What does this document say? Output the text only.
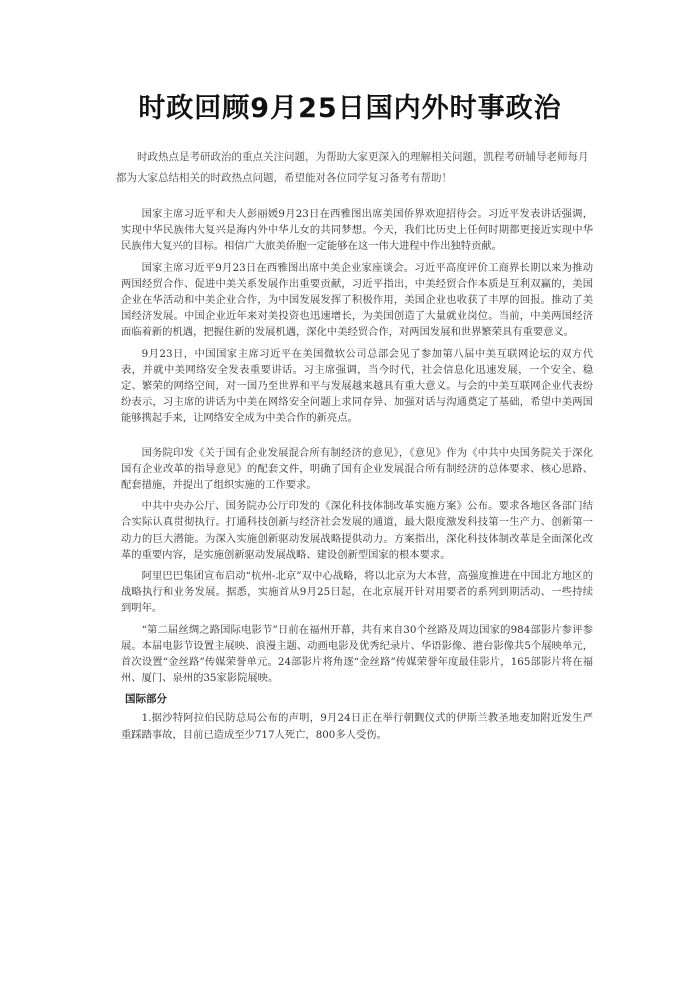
时政回顾9月25日国内外时事政治
时政热点是考研政治的重点关注问题，为帮助大家更深入的理解相关问题，凯程考研辅导老师每月都为大家总结相关的时政热点问题，希望能对各位同学复习备考有帮助！

国家主席习近平和夫人彭丽媛9月23日在西雅图出席美国侨界欢迎招待会。习近平发表讲话强调，实现中华民族伟大复兴是海内外中华儿女的共同梦想。今天，我们比历史上任何时期都更接近实现中华民族伟大复兴的目标。相信广大旅美侨胞一定能够在这一伟大进程中作出独特贡献。

国家主席习近平9月23日在西雅图出席中美企业家座谈会。习近平高度评价工商界长期以来为推动两国经贸合作、促进中美关系发展作出重要贡献，习近平指出，中美经贸合作本质是互利双赢的，美国企业在华活动和中美企业合作，为中国发展发挥了积极作用，美国企业也收获了丰厚的回报。推动了美国经济发展。中国企业近年来对美投资也迅速增长，为美国创造了大量就业岗位。当前，中美两国经济面临着新的机遇，把握住新的发展机遇，深化中美经贸合作，对两国发展和世界繁荣具有重要意义。

9月23日，中国国家主席习近平在美国微软公司总部会见了参加第八届中美互联网论坛的双方代表，并就中美网络安全发表重要讲话。习主席强调，当今时代，社会信息化迅速发展，一个安全、稳定、繁荣的网络空间，对一国乃至世界和平与发展越来越具有重大意义。与会的中美互联网企业代表纷纷表示，习主席的讲话为中美在网络安全问题上求同存异、加强对话与沟通奠定了基础，希望中美两国能够携起手来，让网络安全成为中美合作的新亮点。

国务院印发《关于国有企业发展混合所有制经济的意见》，《意见》作为《中共中央国务院关于深化国有企业改革的指导意见》的配套文件，明确了国有企业发展混合所有制经济的总体要求、核心思路、配套措施，并提出了组织实施的工作要求。

中共中央办公厅、国务院办公厅印发的《深化科技体制改革实施方案》公布。要求各地区各部门结合实际认真贯彻执行。打通科技创新与经济社会发展的通道，最大限度激发科技第一生产力、创新第一动力的巨大潜能。为深入实施创新驱动发展战略提供动力。方案指出，深化科技体制改革是全面深化改革的重要内容，是实施创新驱动发展战略、建设创新型国家的根本要求。

阿里巴巴集团宣布启动“杭州-北京”双中心战略，将以北京为大本营，高强度推进在中国北方地区的战略执行和业务发展。据悉，实施首从9月25日起，在北京展开针对用要者的系列到期活动、一些持续到明年。

“第二届丝绸之路国际电影节”日前在福州开幕，共有来自30个丝路及周边国家的984部影片参评参展。本届电影节设置主展映、浪漫主题、动画电影及优秀纪录片、华语影像、港台影像共5个展映单元，首次设置“金丝路”传媒荣誉单元。24部影片将角逐“金丝路”传媒荣誉年度最佳影片，165部影片将在福州、厦门、泉州的35家影院展映。

国际部分

1.据沙特阿拉伯民防总局公布的声明，9月24日正在举行朝觐仪式的伊斯兰教圣地麦加附近发生严重踩踏事故，目前已造成至少717人死亡，800多人受伤。
